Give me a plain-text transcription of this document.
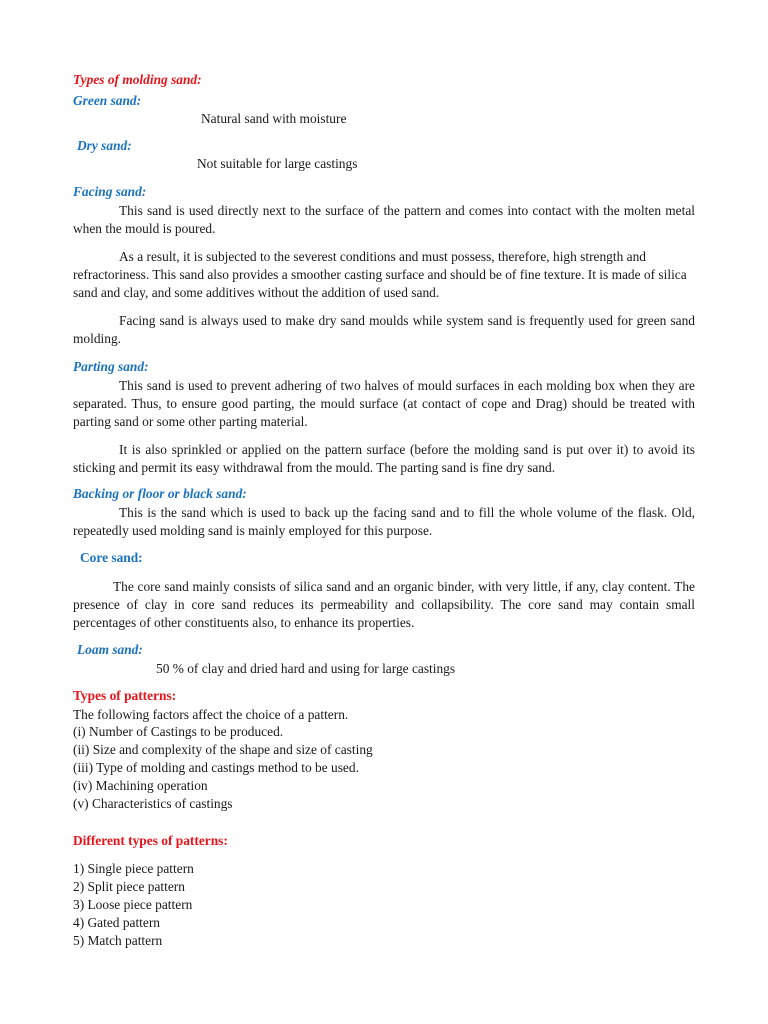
Types of molding sand:
Green sand:
Natural sand with moisture
Dry sand:
Not suitable for large castings
Facing sand:
This sand is used directly next to the surface of the pattern and comes into contact with the molten metal when the mould is poured.
As a result, it is subjected to the severest conditions and must possess, therefore, high strength and refractoriness. This sand also provides a smoother casting surface and should be of fine texture. It is made of silica sand and clay, and some additives without the addition of used sand.
Facing sand is always used to make dry sand moulds while system sand is frequently used for green sand molding.
Parting sand:
This sand is used to prevent adhering of two halves of mould surfaces in each molding box when they are separated. Thus, to ensure good parting, the mould surface (at contact of cope and Drag) should be treated with parting sand or some other parting material.
It is also sprinkled or applied on the pattern surface (before the molding sand is put over it) to avoid its sticking and permit its easy withdrawal from the mould. The parting sand is fine dry sand.
Backing or floor or black sand:
This is the sand which is used to back up the facing sand and to fill the whole volume of the flask. Old, repeatedly used molding sand is mainly employed for this purpose.
Core sand:
The core sand mainly consists of silica sand and an organic binder, with very little, if any, clay content. The presence of clay in core sand reduces its permeability and collapsibility. The core sand may contain small percentages of other constituents also, to enhance its properties.
Loam sand:
50 % of clay and dried hard and using for large castings
Types of patterns:
The following factors affect the choice of a pattern.
(i) Number of Castings to be produced.
(ii) Size and complexity of the shape and size of casting
(iii) Type of molding and castings method to be used.
(iv) Machining operation
(v) Characteristics of castings
Different types of patterns:
1) Single piece pattern
2) Split piece pattern
3) Loose piece pattern
4) Gated pattern
5) Match pattern
